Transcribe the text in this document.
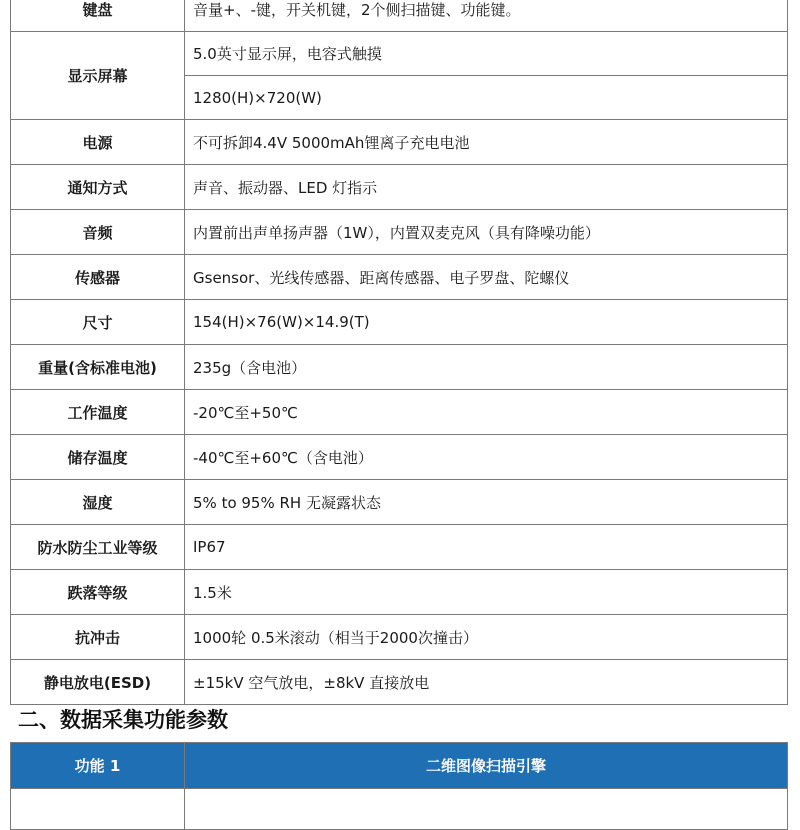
键盘	音量+、-键，开关机键，2个侧扫描键、功能键。
显示屏幕	5.0英寸显示屏，电容式触摸
	1280(H)×720(W)
电源	不可拆卸4.4V 5000mAh锂离子充电电池
通知方式	声音、振动器、LED 灯指示
音频	内置前出声单扬声器（1W），内置双麦克风（具有降噪功能）
传感器	Gsensor、光线传感器、距离传感器、电子罗盘、陀螺仪
尺寸	154(H)×76(W)×14.9(T)
重量(含标准电池)	235g（含电池）
工作温度	-20℃至+50℃
储存温度	-40℃至+60℃（含电池）
湿度	5% to 95% RH 无凝露状态
防水防尘工业等级	IP67
跌落等级	1.5米
抗冲击	1000轮 0.5米滚动（相当于2000次撞击）
静电放电(ESD)	±15kV 空气放电，±8kV 直接放电
二、数据采集功能参数
功能 1	二维图像扫描引擎
